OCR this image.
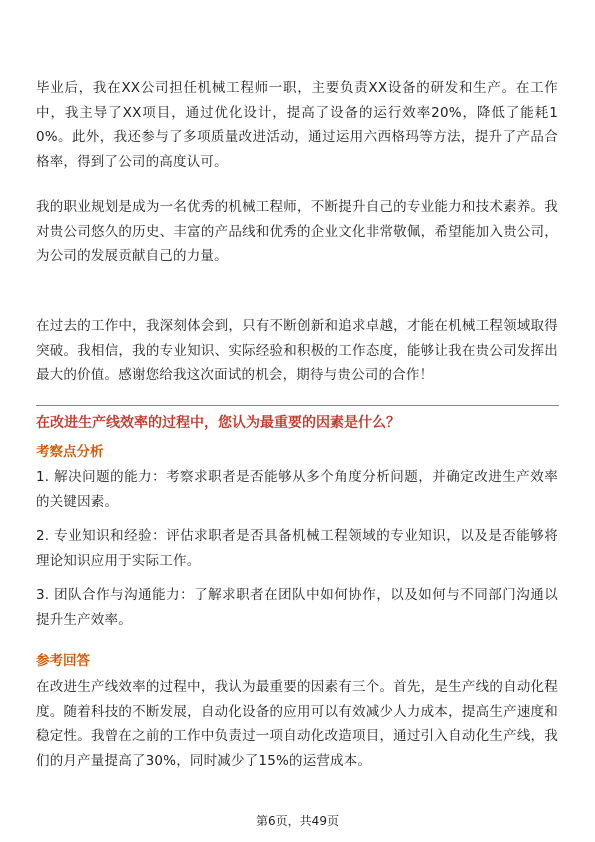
毕业后，我在XX公司担任机械工程师一职，主要负责XX设备的研发和生产。在工作中，我主导了XX项目，通过优化设计，提高了设备的运行效率20%，降低了能耗10%。此外，我还参与了多项质量改进活动，通过运用六西格玛等方法，提升了产品合格率，得到了公司的高度认可。

我的职业规划是成为一名优秀的机械工程师，不断提升自己的专业能力和技术素养。我对贵公司悠久的历史、丰富的产品线和优秀的企业文化非常敬佩，希望能加入贵公司，为公司的发展贡献自己的力量。

在过去的工作中，我深刻体会到，只有不断创新和追求卓越，才能在机械工程领域取得突破。我相信，我的专业知识、实际经验和积极的工作态度，能够让我在贵公司发挥出最大的价值。感谢您给我这次面试的机会，期待与贵公司的合作！

在改进生产线效率的过程中，您认为最重要的因素是什么？

考察点分析

1. 解决问题的能力：考察求职者是否能够从多个角度分析问题，并确定改进生产效率的关键因素。

2. 专业知识和经验：评估求职者是否具备机械工程领域的专业知识，以及是否能够将理论知识应用于实际工作。

3. 团队合作与沟通能力：了解求职者在团队中如何协作，以及如何与不同部门沟通以提升生产效率。

参考回答

在改进生产线效率的过程中，我认为最重要的因素有三个。首先，是生产线的自动化程度。随着科技的不断发展，自动化设备的应用可以有效减少人力成本，提高生产速度和稳定性。我曾在之前的工作中负责过一项自动化改造项目，通过引入自动化生产线，我们的月产量提高了30%，同时减少了15%的运营成本。

第6页，共49页
